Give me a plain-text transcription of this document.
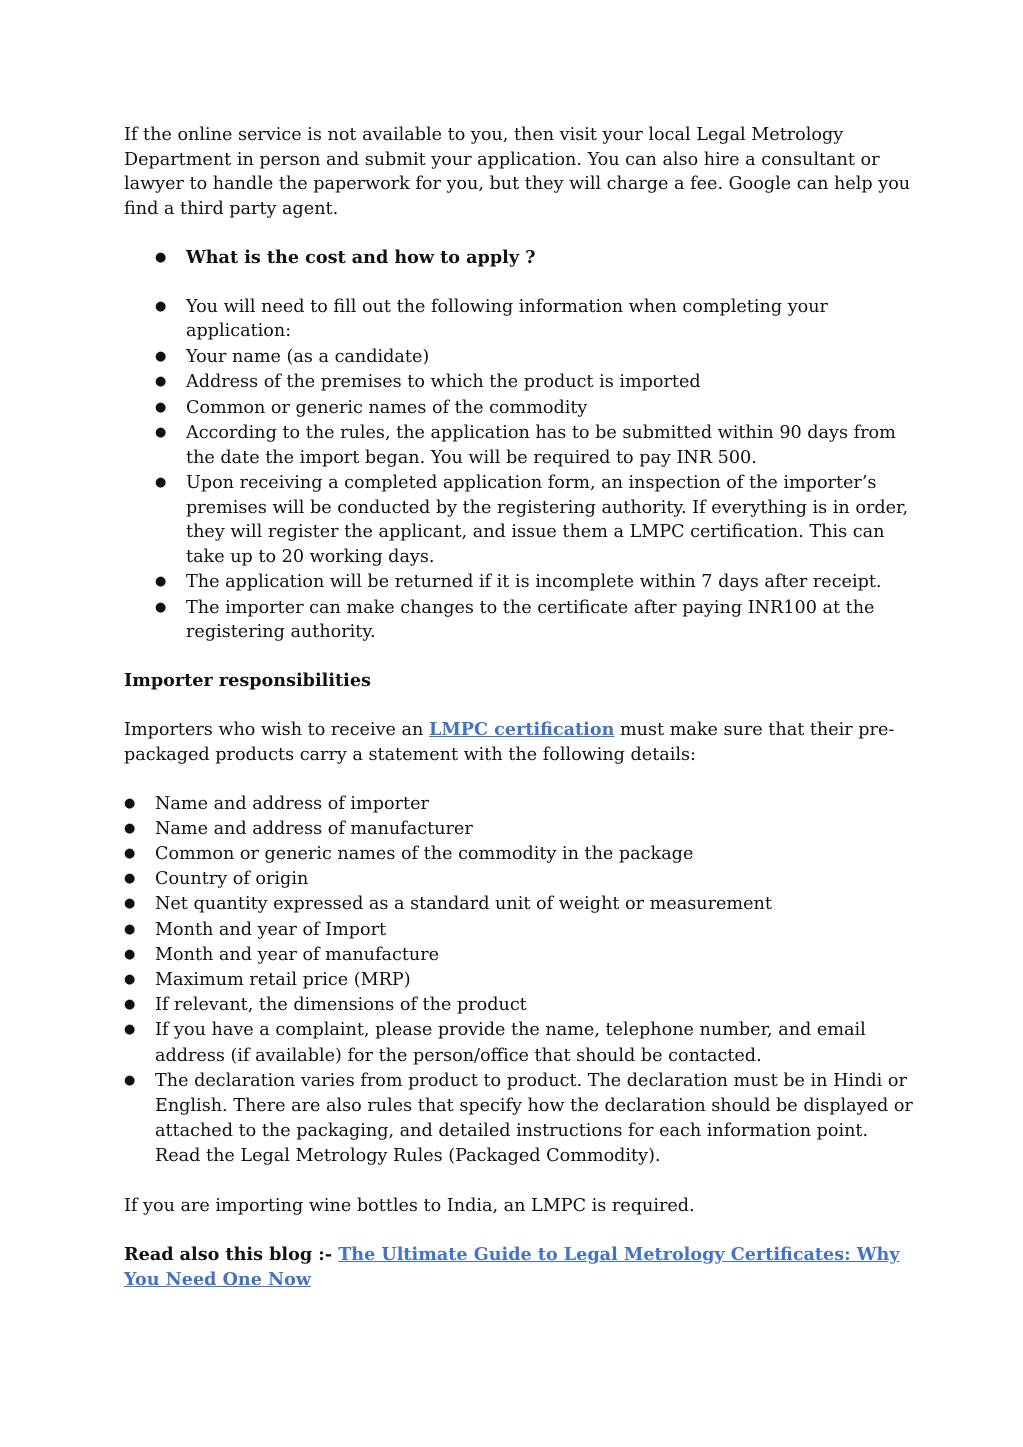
If the online service is not available to you, then visit your local Legal Metrology Department in person and submit your application. You can also hire a consultant or lawyer to handle the paperwork for you, but they will charge a fee. Google can help you find a third party agent.

● What is the cost and how to apply ?
● You will need to fill out the following information when completing your application:
● Your name (as a candidate)
● Address of the premises to which the product is imported
● Common or generic names of the commodity
● According to the rules, the application has to be submitted within 90 days from the date the import began. You will be required to pay INR 500.
● Upon receiving a completed application form, an inspection of the importer’s premises will be conducted by the registering authority. If everything is in order, they will register the applicant, and issue them a LMPC certification. This can take up to 20 working days.
● The application will be returned if it is incomplete within 7 days after receipt.
● The importer can make changes to the certificate after paying INR100 at the registering authority.

Importer responsibilities

Importers who wish to receive an LMPC certification must make sure that their pre-packaged products carry a statement with the following details:

● Name and address of importer
● Name and address of manufacturer
● Common or generic names of the commodity in the package
● Country of origin
● Net quantity expressed as a standard unit of weight or measurement
● Month and year of Import
● Month and year of manufacture
● Maximum retail price (MRP)
● If relevant, the dimensions of the product
● If you have a complaint, please provide the name, telephone number, and email address (if available) for the person/office that should be contacted.
● The declaration varies from product to product. The declaration must be in Hindi or English. There are also rules that specify how the declaration should be displayed or attached to the packaging, and detailed instructions for each information point. Read the Legal Metrology Rules (Packaged Commodity).

If you are importing wine bottles to India, an LMPC is required.

Read also this blog :- The Ultimate Guide to Legal Metrology Certificates: Why You Need One Now
